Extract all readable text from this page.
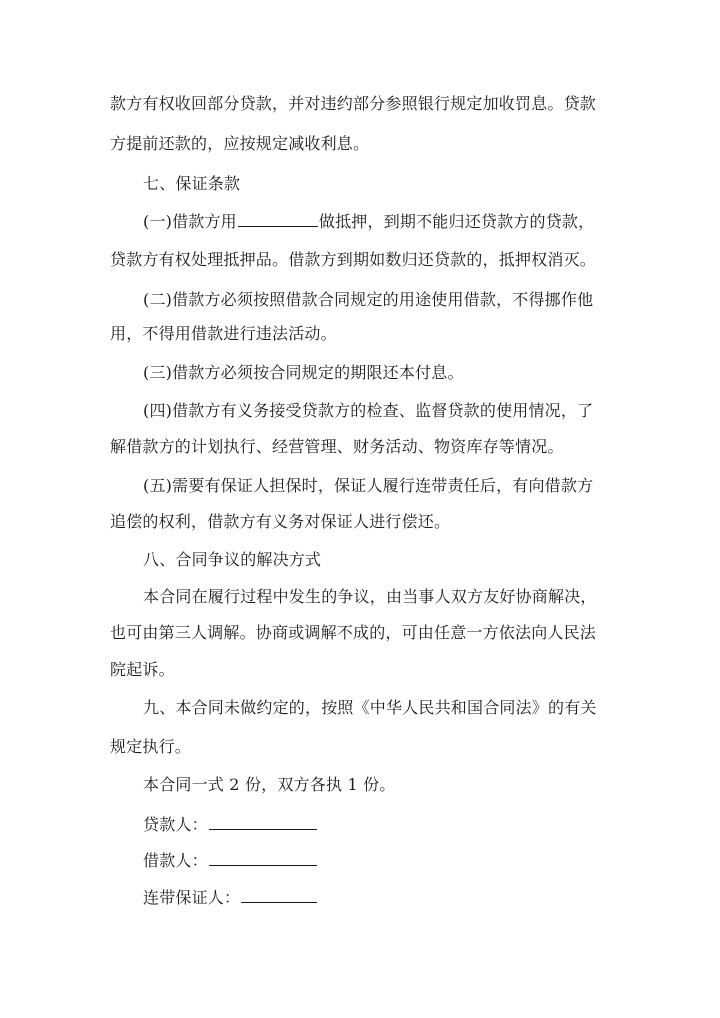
款方有权收回部分贷款，并对违约部分参照银行规定加收罚息。贷款
方提前还款的，应按规定减收利息。
七、保证条款
(一)借款方用	做抵押，到期不能归还贷款方的贷款，
贷款方有权处理抵押品。借款方到期如数归还贷款的，抵押权消灭。
(二)借款方必须按照借款合同规定的用途使用借款，不得挪作他
用，不得用借款进行违法活动。
(三)借款方必须按合同规定的期限还本付息。
(四)借款方有义务接受贷款方的检查、监督贷款的使用情况，了
解借款方的计划执行、经营管理、财务活动、物资库存等情况。
(五)需要有保证人担保时，保证人履行连带责任后，有向借款方
追偿的权利，借款方有义务对保证人进行偿还。
八、合同争议的解决方式
本合同在履行过程中发生的争议，由当事人双方友好协商解决，
也可由第三人调解。协商或调解不成的，可由任意一方依法向人民法
院起诉。
九、本合同未做约定的，按照《中华人民共和国合同法》的有关
规定执行。
本合同一式 2 份，双方各执 1 份。
贷款人：
借款人：
连带保证人：
